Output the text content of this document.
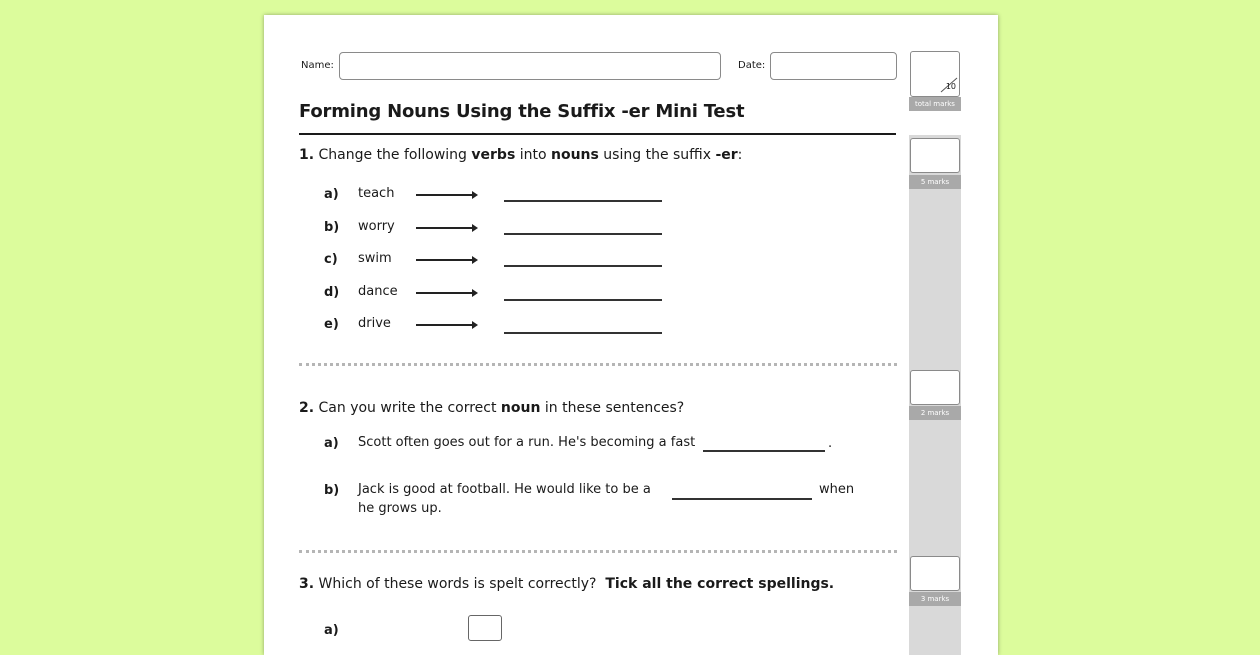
Name:	Date:
10
total marks
Forming Nouns Using the Suffix -er Mini Test
1. Change the following verbs into nouns using the suffix -er:
5 marks
a) teach
b) worry
c) swim
d) dance
e) drive
2. Can you write the correct noun in these sentences?	2 marks
a) Scott often goes out for a run. He's becoming a fast	.
b) Jack is good at football. He would like to be a	when
he grows up.
3. Which of these words is spelt correctly? Tick all the correct spellings.
3 marks
a)
